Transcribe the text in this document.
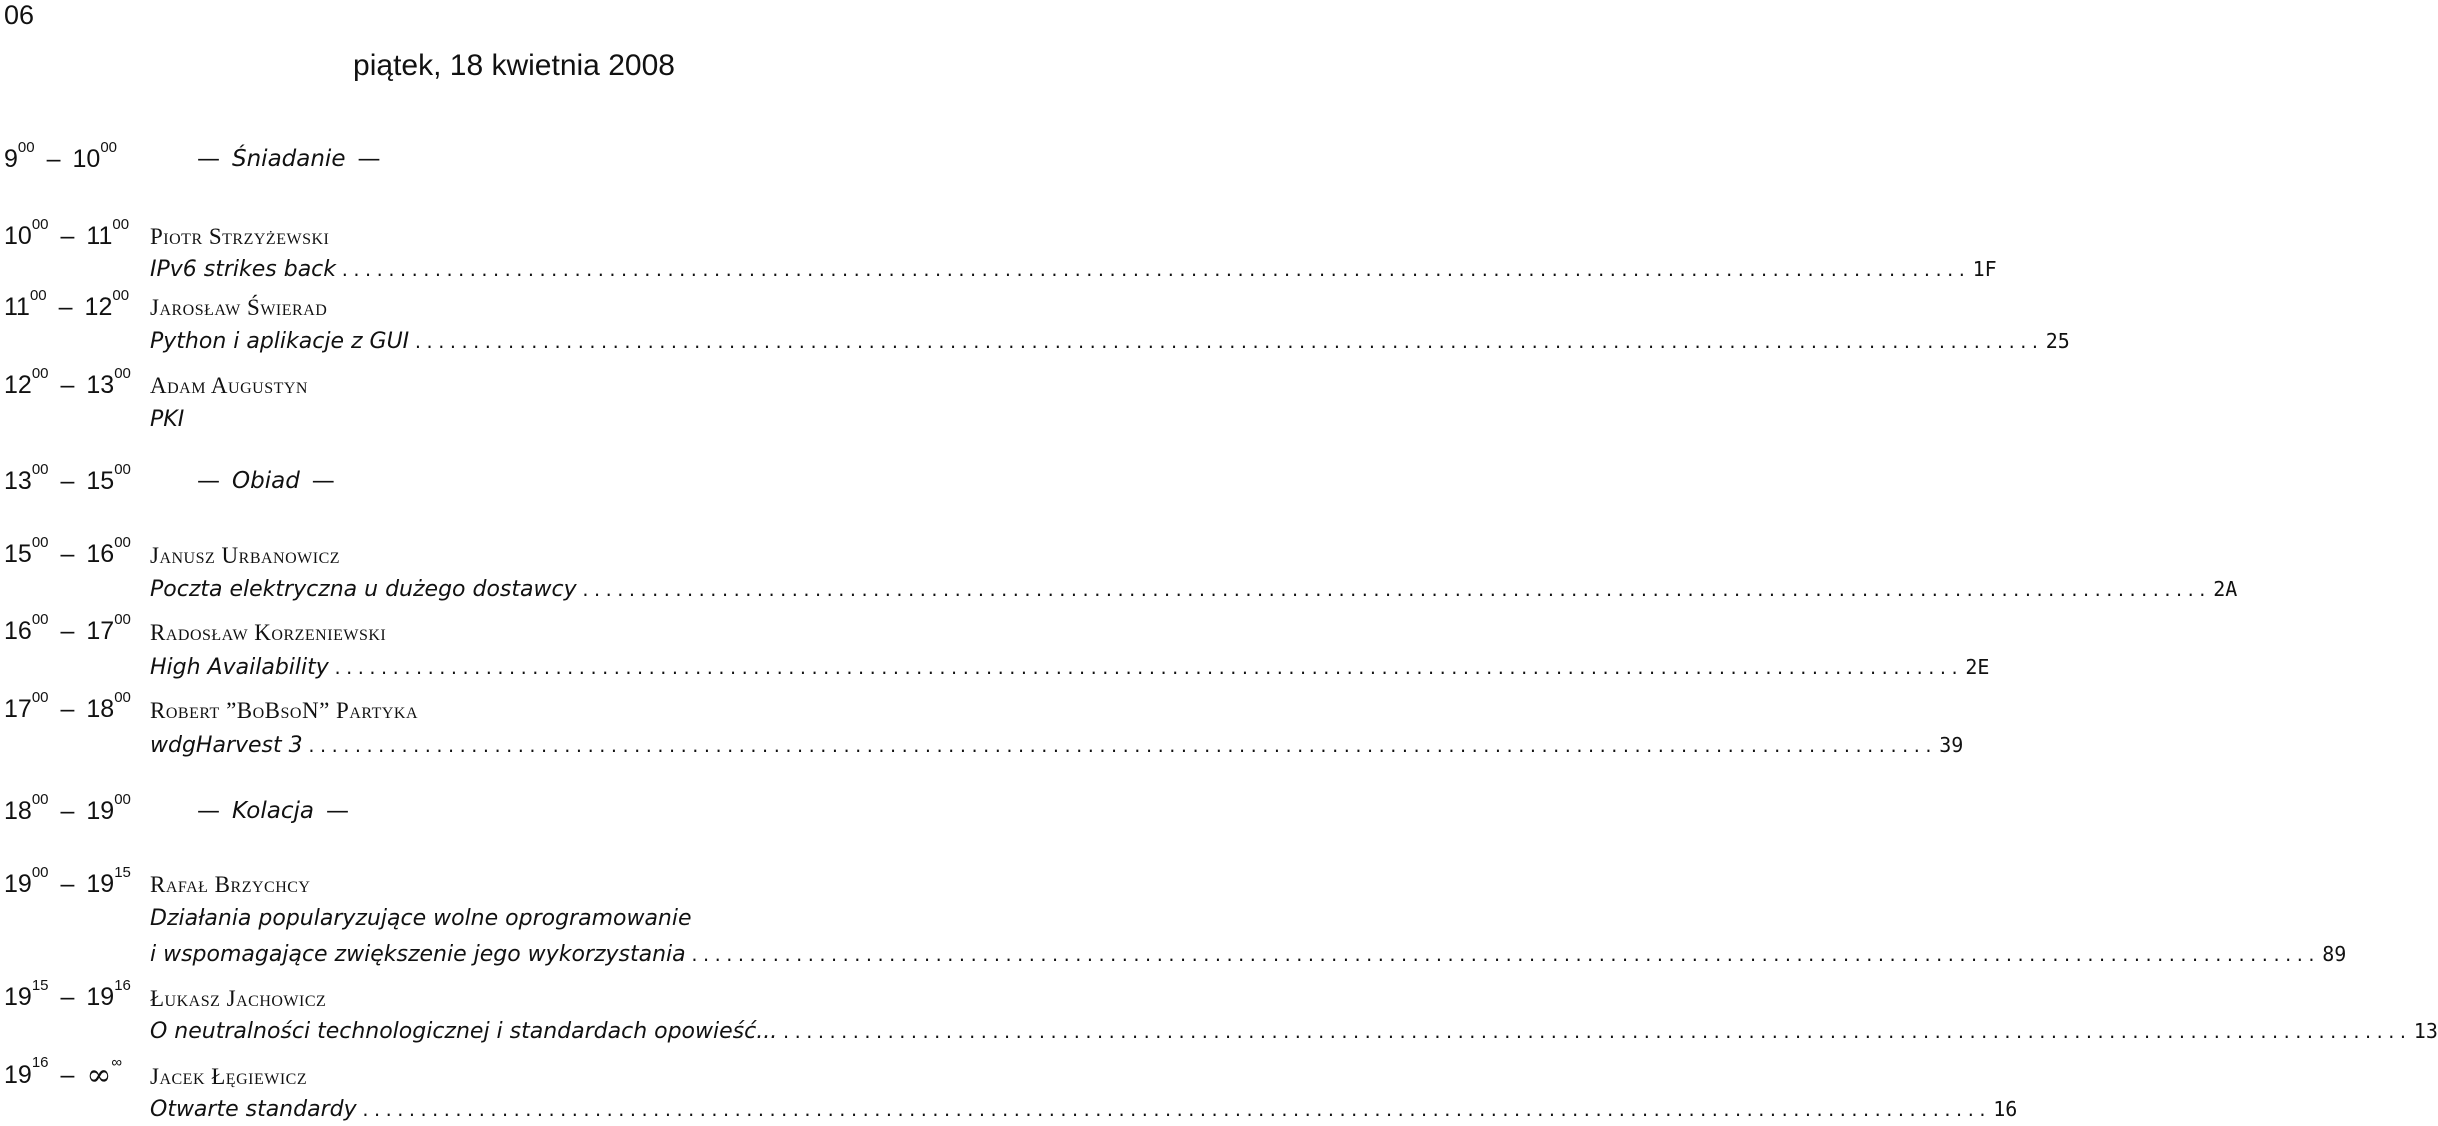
06
piątek, 18 kwietnia 2008
$9^{00} - 10^{00}$	— Śniadanie —
$10^{00} - 11^{00}$ Piotr Strzyżewski
IPv6 strikes back ............................................................................................................................................ 1F
$11^{00} - 12^{00}$ Jarosław Świerad
Python i aplikacje z GUI ............................................................................................................................................ 25
$12^{00} - 13^{00}$ Adam Augustyn
PKI
$13^{00} - 15^{00}$	— Obiad —
$15^{00} - 16^{00}$
Janusz Urbanowicz
Poczta elektryczna u dużego dostawcy ............................................................................................................................................ 2A
$16^{00} - 17^{00}$
Radosław Korzeniewski
High Availability ............................................................................................................................................ 2E
$17^{00} - 18^{00}$
Robert ”BoBsoN” Partyka
wdgHarvest 3 ............................................................................................................................................ 39
$18^{00} - 19^{00}$	— Kolacja —
$19^{00} - 19^{15}$ Rafał Brzychcy
Działania popularyzujące wolne oprogramowanie
i wspomagające zwiększenie jego wykorzystania ............................................................................................................................................ 89
$19^{15} - 19^{16}$
Łukasz Jachowicz
O neutralności technologicznej i standardach opowieść... ............................................................................................................................................ 13
$19^{16} - \infty^\infty$
Jacek Łęgiewicz
Otwarte standardy ............................................................................................................................................ 16
